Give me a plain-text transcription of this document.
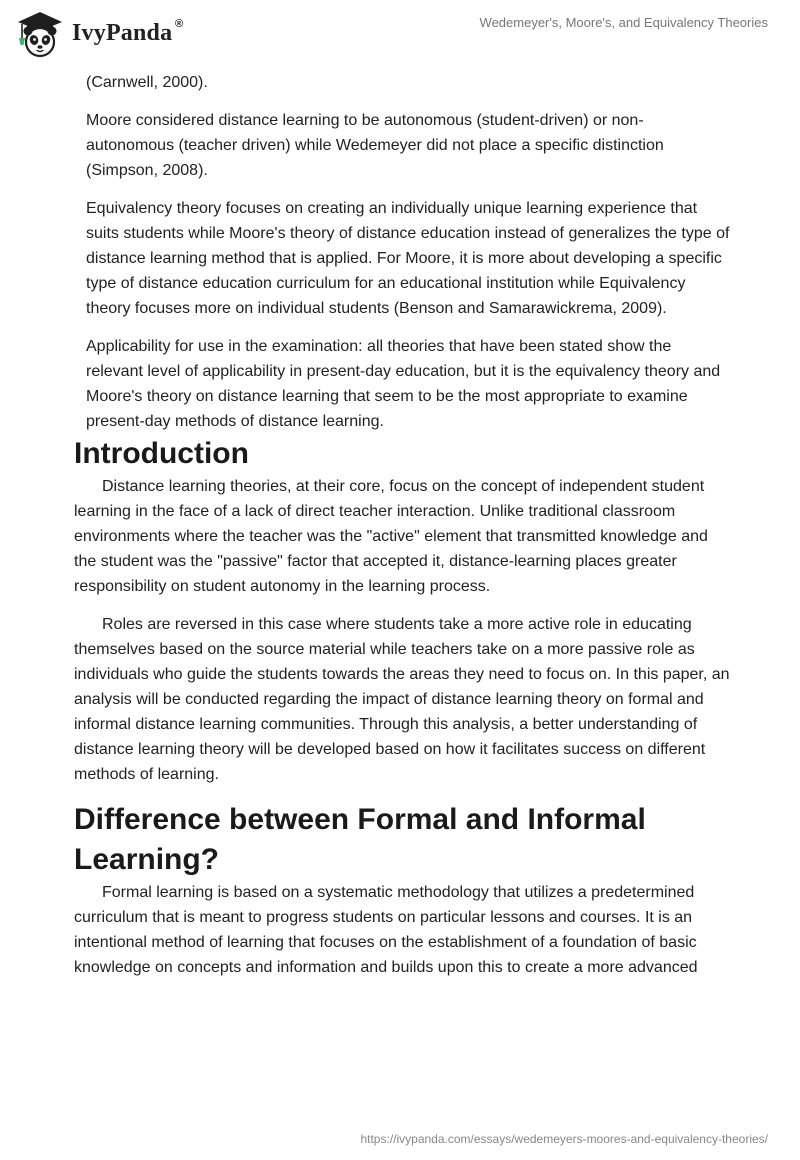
IvyPanda ®	Wedemeyer's, Moore's, and Equivalency Theories

(Carnwell, 2000).

Moore considered distance learning to be autonomous (student-driven) or non-autonomous (teacher driven) while Wedemeyer did not place a specific distinction (Simpson, 2008).

Equivalency theory focuses on creating an individually unique learning experience that suits students while Moore's theory of distance education instead of generalizes the type of distance learning method that is applied. For Moore, it is more about developing a specific type of distance education curriculum for an educational institution while Equivalency theory focuses more on individual students (Benson and Samarawickrema, 2009).

Applicability for use in the examination: all theories that have been stated show the relevant level of applicability in present-day education, but it is the equivalency theory and Moore's theory on distance learning that seem to be the most appropriate to examine present-day methods of distance learning.

Introduction

Distance learning theories, at their core, focus on the concept of independent student learning in the face of a lack of direct teacher interaction. Unlike traditional classroom environments where the teacher was the "active" element that transmitted knowledge and the student was the "passive" factor that accepted it, distance-learning places greater responsibility on student autonomy in the learning process.

Roles are reversed in this case where students take a more active role in educating themselves based on the source material while teachers take on a more passive role as individuals who guide the students towards the areas they need to focus on. In this paper, an analysis will be conducted regarding the impact of distance learning theory on formal and informal distance learning communities. Through this analysis, a better understanding of distance learning theory will be developed based on how it facilitates success on different methods of learning.

Difference between Formal and Informal Learning?

Formal learning is based on a systematic methodology that utilizes a predetermined curriculum that is meant to progress students on particular lessons and courses. It is an intentional method of learning that focuses on the establishment of a foundation of basic knowledge on concepts and information and builds upon this to create a more advanced

https://ivypanda.com/essays/wedemeyers-moores-and-equivalency-theories/
